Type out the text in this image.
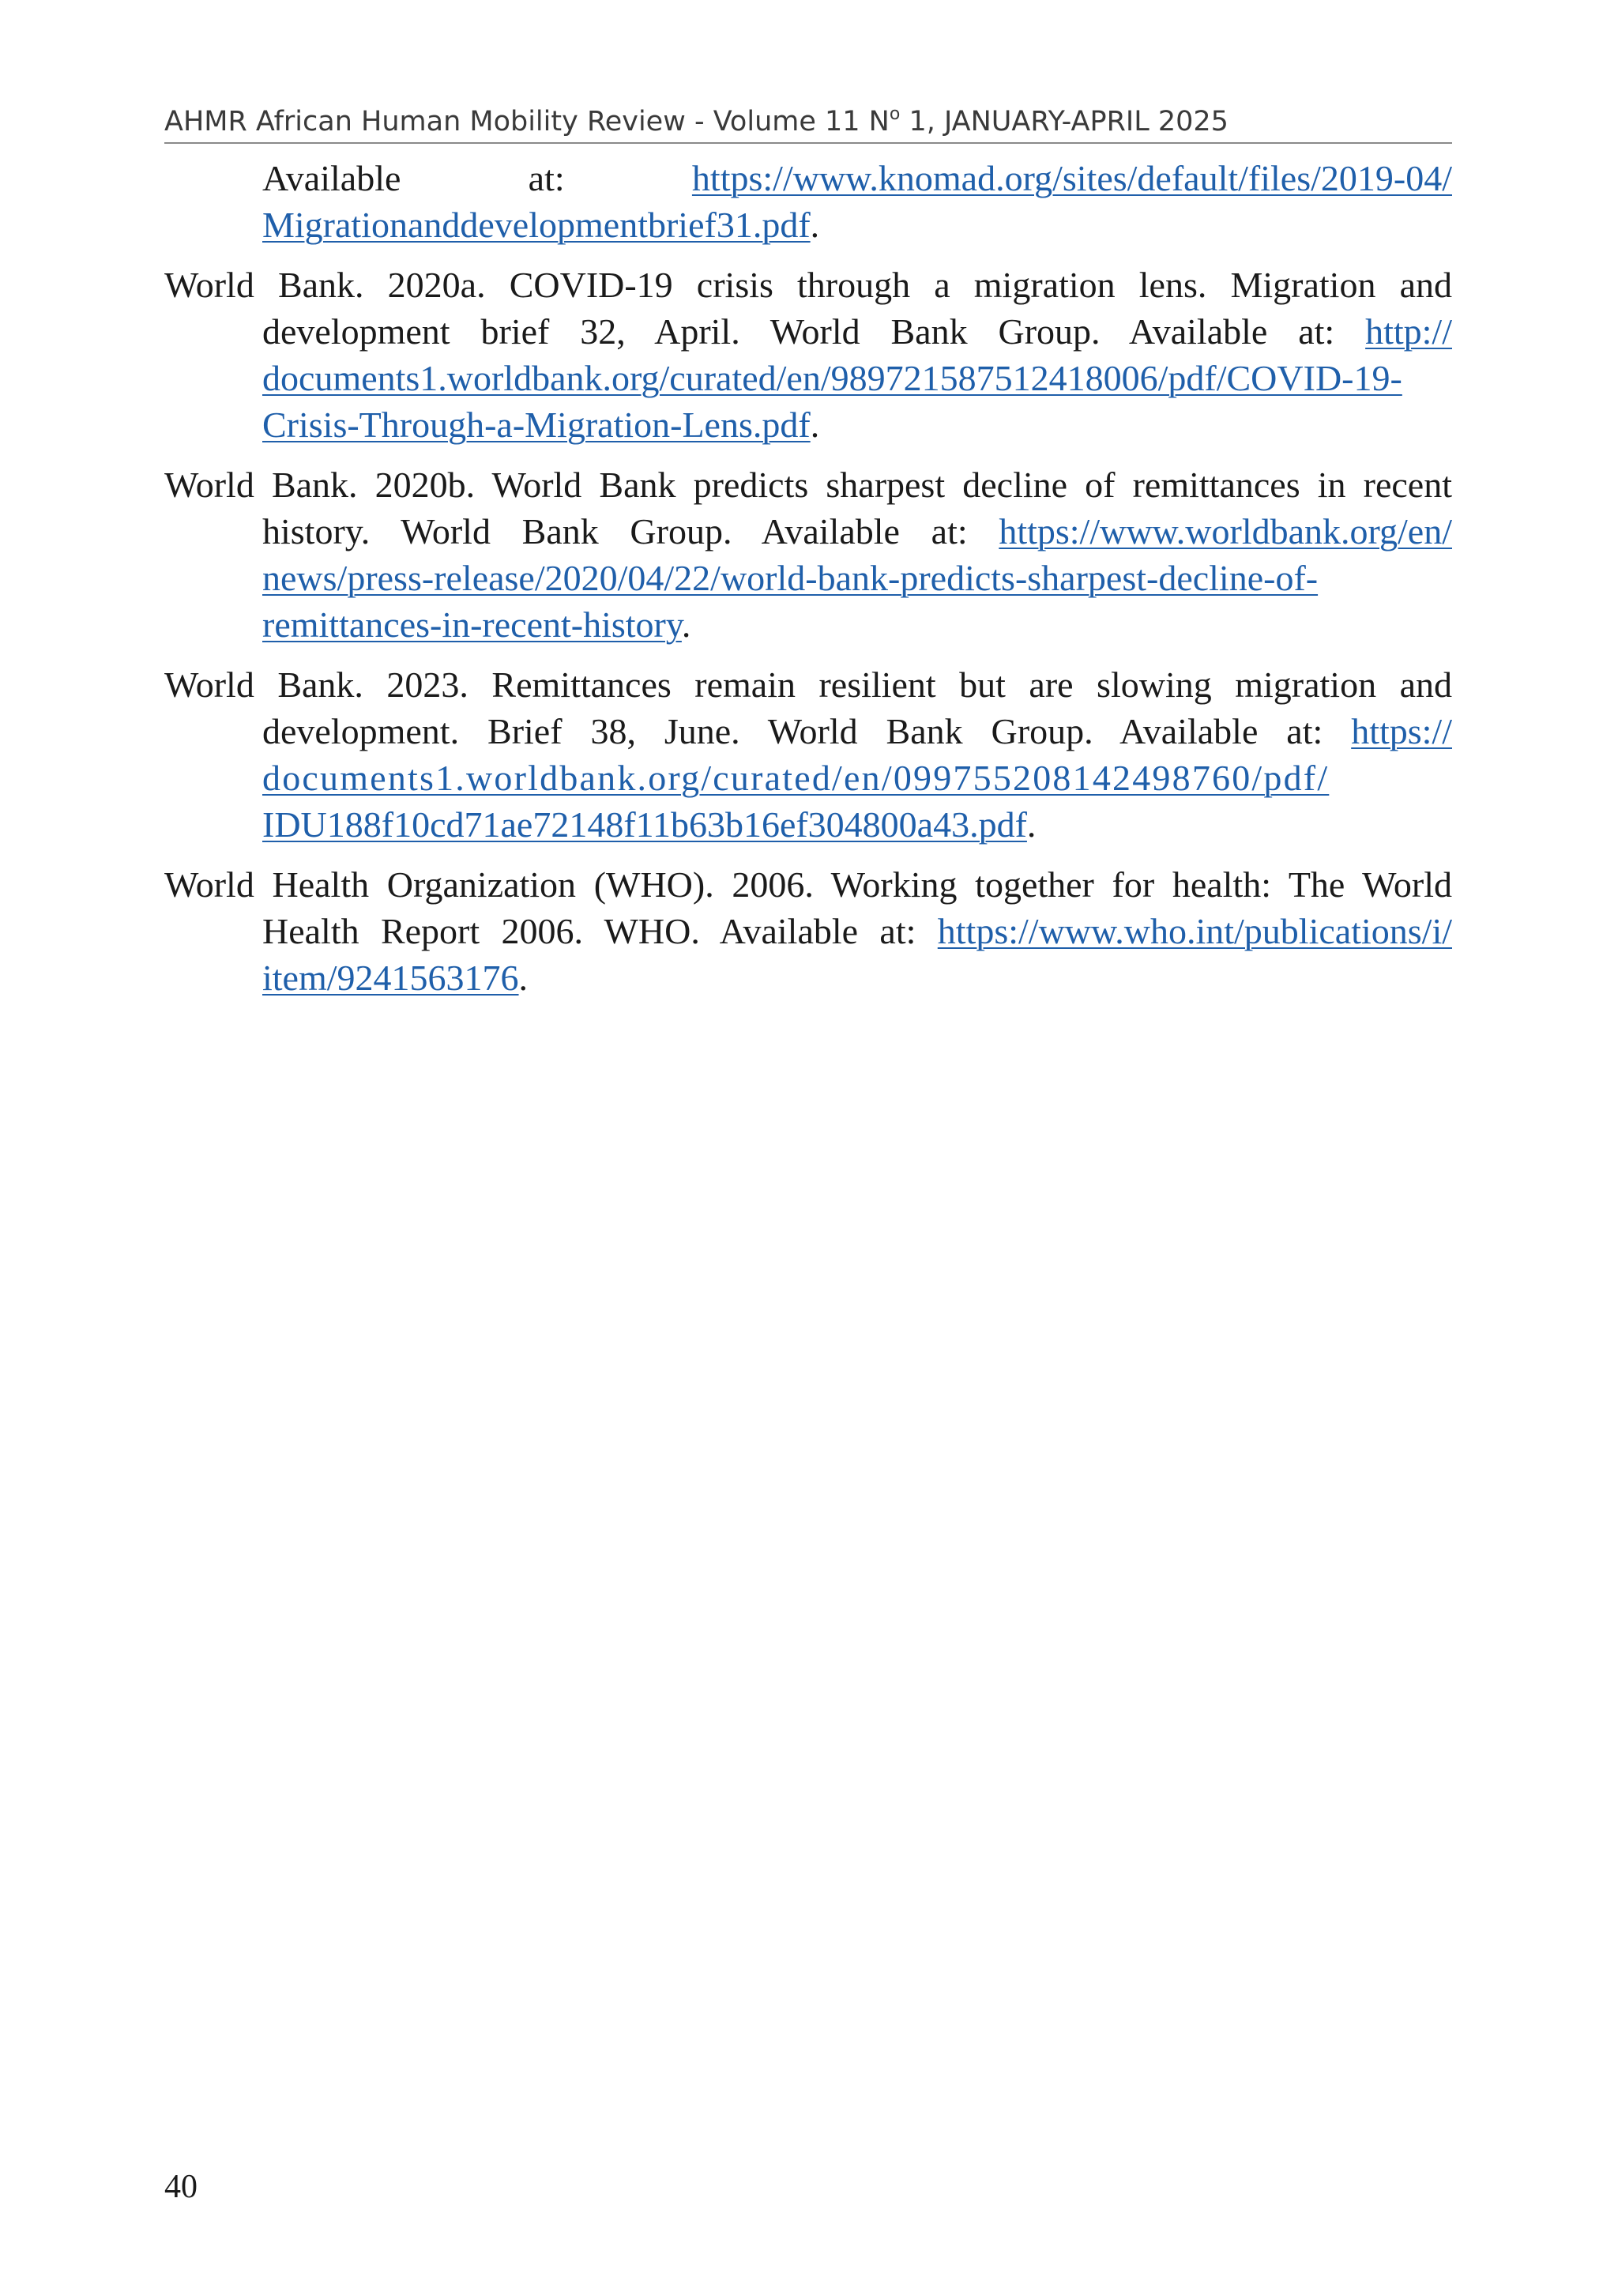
AHMR African Human Mobility Review - Volume 11 $N^o$ 1, JANUARY-APRIL 2025
Available at: https://www.knomad.org/sites/default/files/2019-04/Migrationanddevelopmentbrief31.pdf.
World Bank. 2020a. COVID-19 crisis through a migration lens. Migration and development brief 32, April. World Bank Group. Available at: http://documents1.worldbank.org/curated/en/989721587512418006/pdf/COVID-19-Crisis-Through-a-Migration-Lens.pdf.
World Bank. 2020b. World Bank predicts sharpest decline of remittances in recent history. World Bank Group. Available at: https://www.worldbank.org/en/news/press-release/2020/04/22/world-bank-predicts-sharpest-decline-of-remittances-in-recent-history.
World Bank. 2023. Remittances remain resilient but are slowing migration and development. Brief 38, June. World Bank Group. Available at: https://documents1.worldbank.org/curated/en/099755208142498760/pdf/IDU188f10cd71ae72148f11b63b16ef304800a43.pdf.
World Health Organization (WHO). 2006. Working together for health: The World Health Report 2006. WHO. Available at: https://www.who.int/publications/i/item/9241563176.
40
